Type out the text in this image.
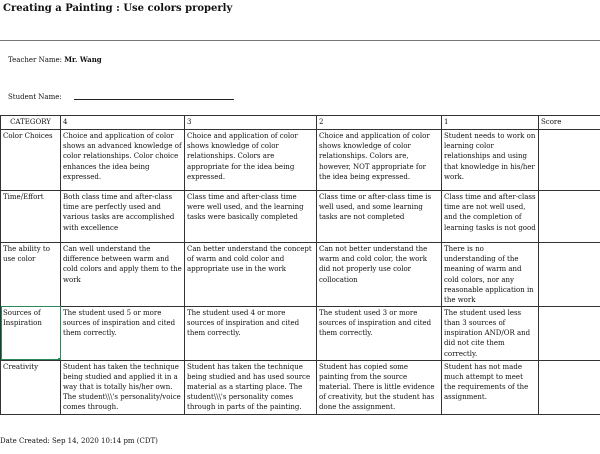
Creating a Painting : Use colors properly
Teacher Name: Mr. Wang
Student Name:
CATEGORY	4	3	2	1	Score
Color Choices	Choice and application of color shows an advanced knowledge of color relationships. Color choice enhances the idea being expressed.	Choice and application of color shows knowledge of color relationships. Colors are appropriate for the idea being expressed.	Choice and application of color shows knowledge of color relationships. Colors are, however, NOT appropriate for the idea being expressed.	Student needs to work on learning color relationships and using that knowledge in his/her work.	
Time/Effort	Both class time and after-class time are perfectly used and various tasks are accomplished with excellence	Class time and after-class time were well used, and the learning tasks were basically completed	Class time or after-class time is well used, and some learning tasks are not completed	Class time and after-class time are not well used, and the completion of learning tasks is not good	
The ability to use color	Can well understand the difference between warm and cold colors and apply them to the work	Can better understand the concept of warm and cold color and appropriate use in the work	Can not better understand the warm and cold color, the work did not properly use color collocation	There is no understanding of the meaning of warm and cold colors, nor any reasonable application in the work	
Sources of Inspiration	The student used 5 or more sources of inspiration and cited them correctly.	The student used 4 or more sources of inspiration and cited them correctly.	The student used 3 or more sources of inspiration and cited them correctly.	The student used less than 3 sources of inspiration AND/OR and did not cite them correctly.	
Creativity	Student has taken the technique being studied and applied it in a way that is totally his/her own. The student\\\'s personality/voice comes through.	Student has taken the technique being studied and has used source material as a starting place. The student\\\'s personality comes through in parts of the painting.	Student has copied some painting from the source material. There is little evidence of creativity, but the student has done the assignment.	Student has not made much attempt to meet the requirements of the assignment.	
Date Created: Sep 14, 2020 10:14 pm (CDT)
